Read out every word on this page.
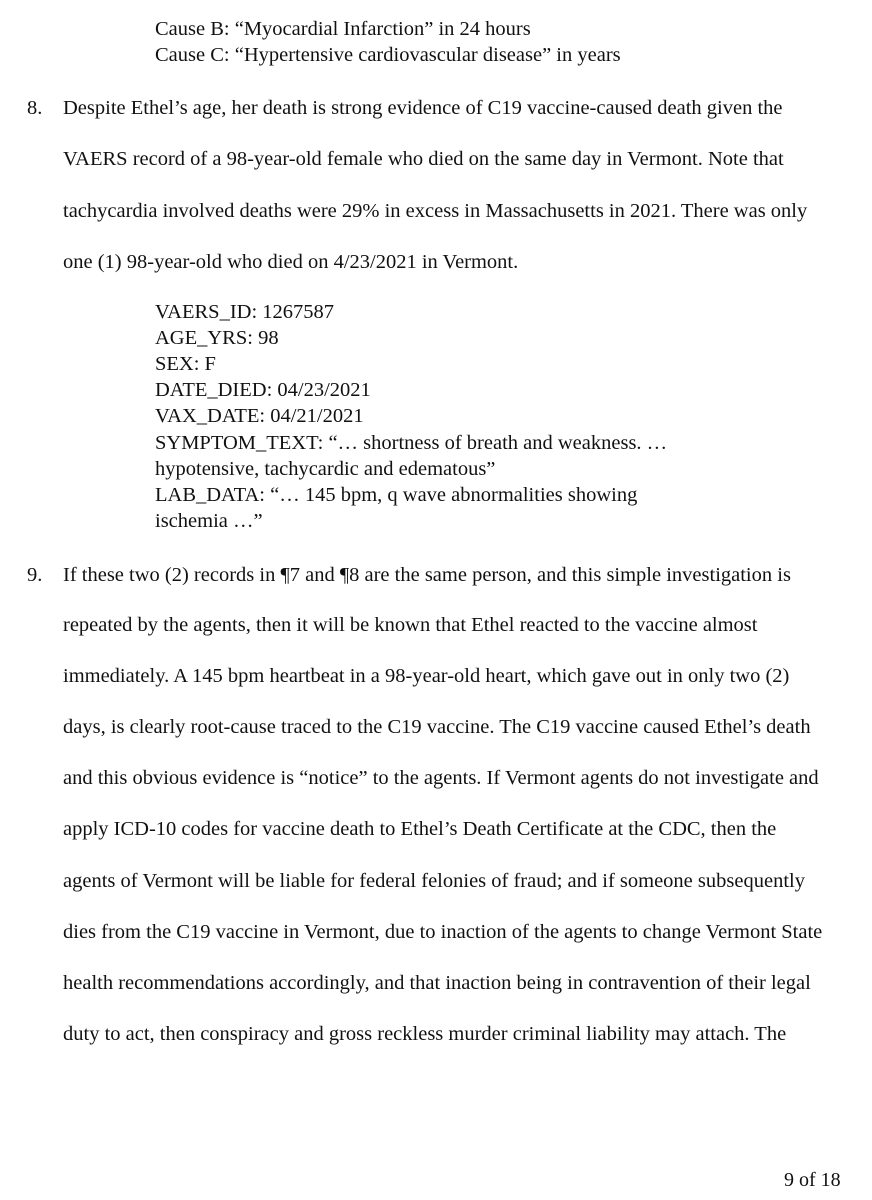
Cause B: “Myocardial Infarction” in 24 hours
Cause C: “Hypertensive cardiovascular disease” in years
8. Despite Ethel’s age, her death is strong evidence of C19 vaccine-caused death given the
VAERS record of a 98-year-old female who died on the same day in Vermont. Note that
tachycardia involved deaths were 29% in excess in Massachusetts in 2021. There was only
one (1) 98-year-old who died on 4/23/2021 in Vermont.
VAERS_ID: 1267587
AGE_YRS: 98
SEX: F
DATE_DIED: 04/23/2021
VAX_DATE: 04/21/2021
SYMPTOM_TEXT: “… shortness of breath and weakness. …
hypotensive, tachycardic and edematous”
LAB_DATA: “… 145 bpm, q wave abnormalities showing
ischemia …”
9. If these two (2) records in ¶7 and ¶8 are the same person, and this simple investigation is
repeated by the agents, then it will be known that Ethel reacted to the vaccine almost
immediately. A 145 bpm heartbeat in a 98-year-old heart, which gave out in only two (2)
days, is clearly root-cause traced to the C19 vaccine. The C19 vaccine caused Ethel’s death
and this obvious evidence is “notice” to the agents. If Vermont agents do not investigate and
apply ICD-10 codes for vaccine death to Ethel’s Death Certificate at the CDC, then the
agents of Vermont will be liable for federal felonies of fraud; and if someone subsequently
dies from the C19 vaccine in Vermont, due to inaction of the agents to change Vermont State
health recommendations accordingly, and that inaction being in contravention of their legal
duty to act, then conspiracy and gross reckless murder criminal liability may attach. The
9 of 18
